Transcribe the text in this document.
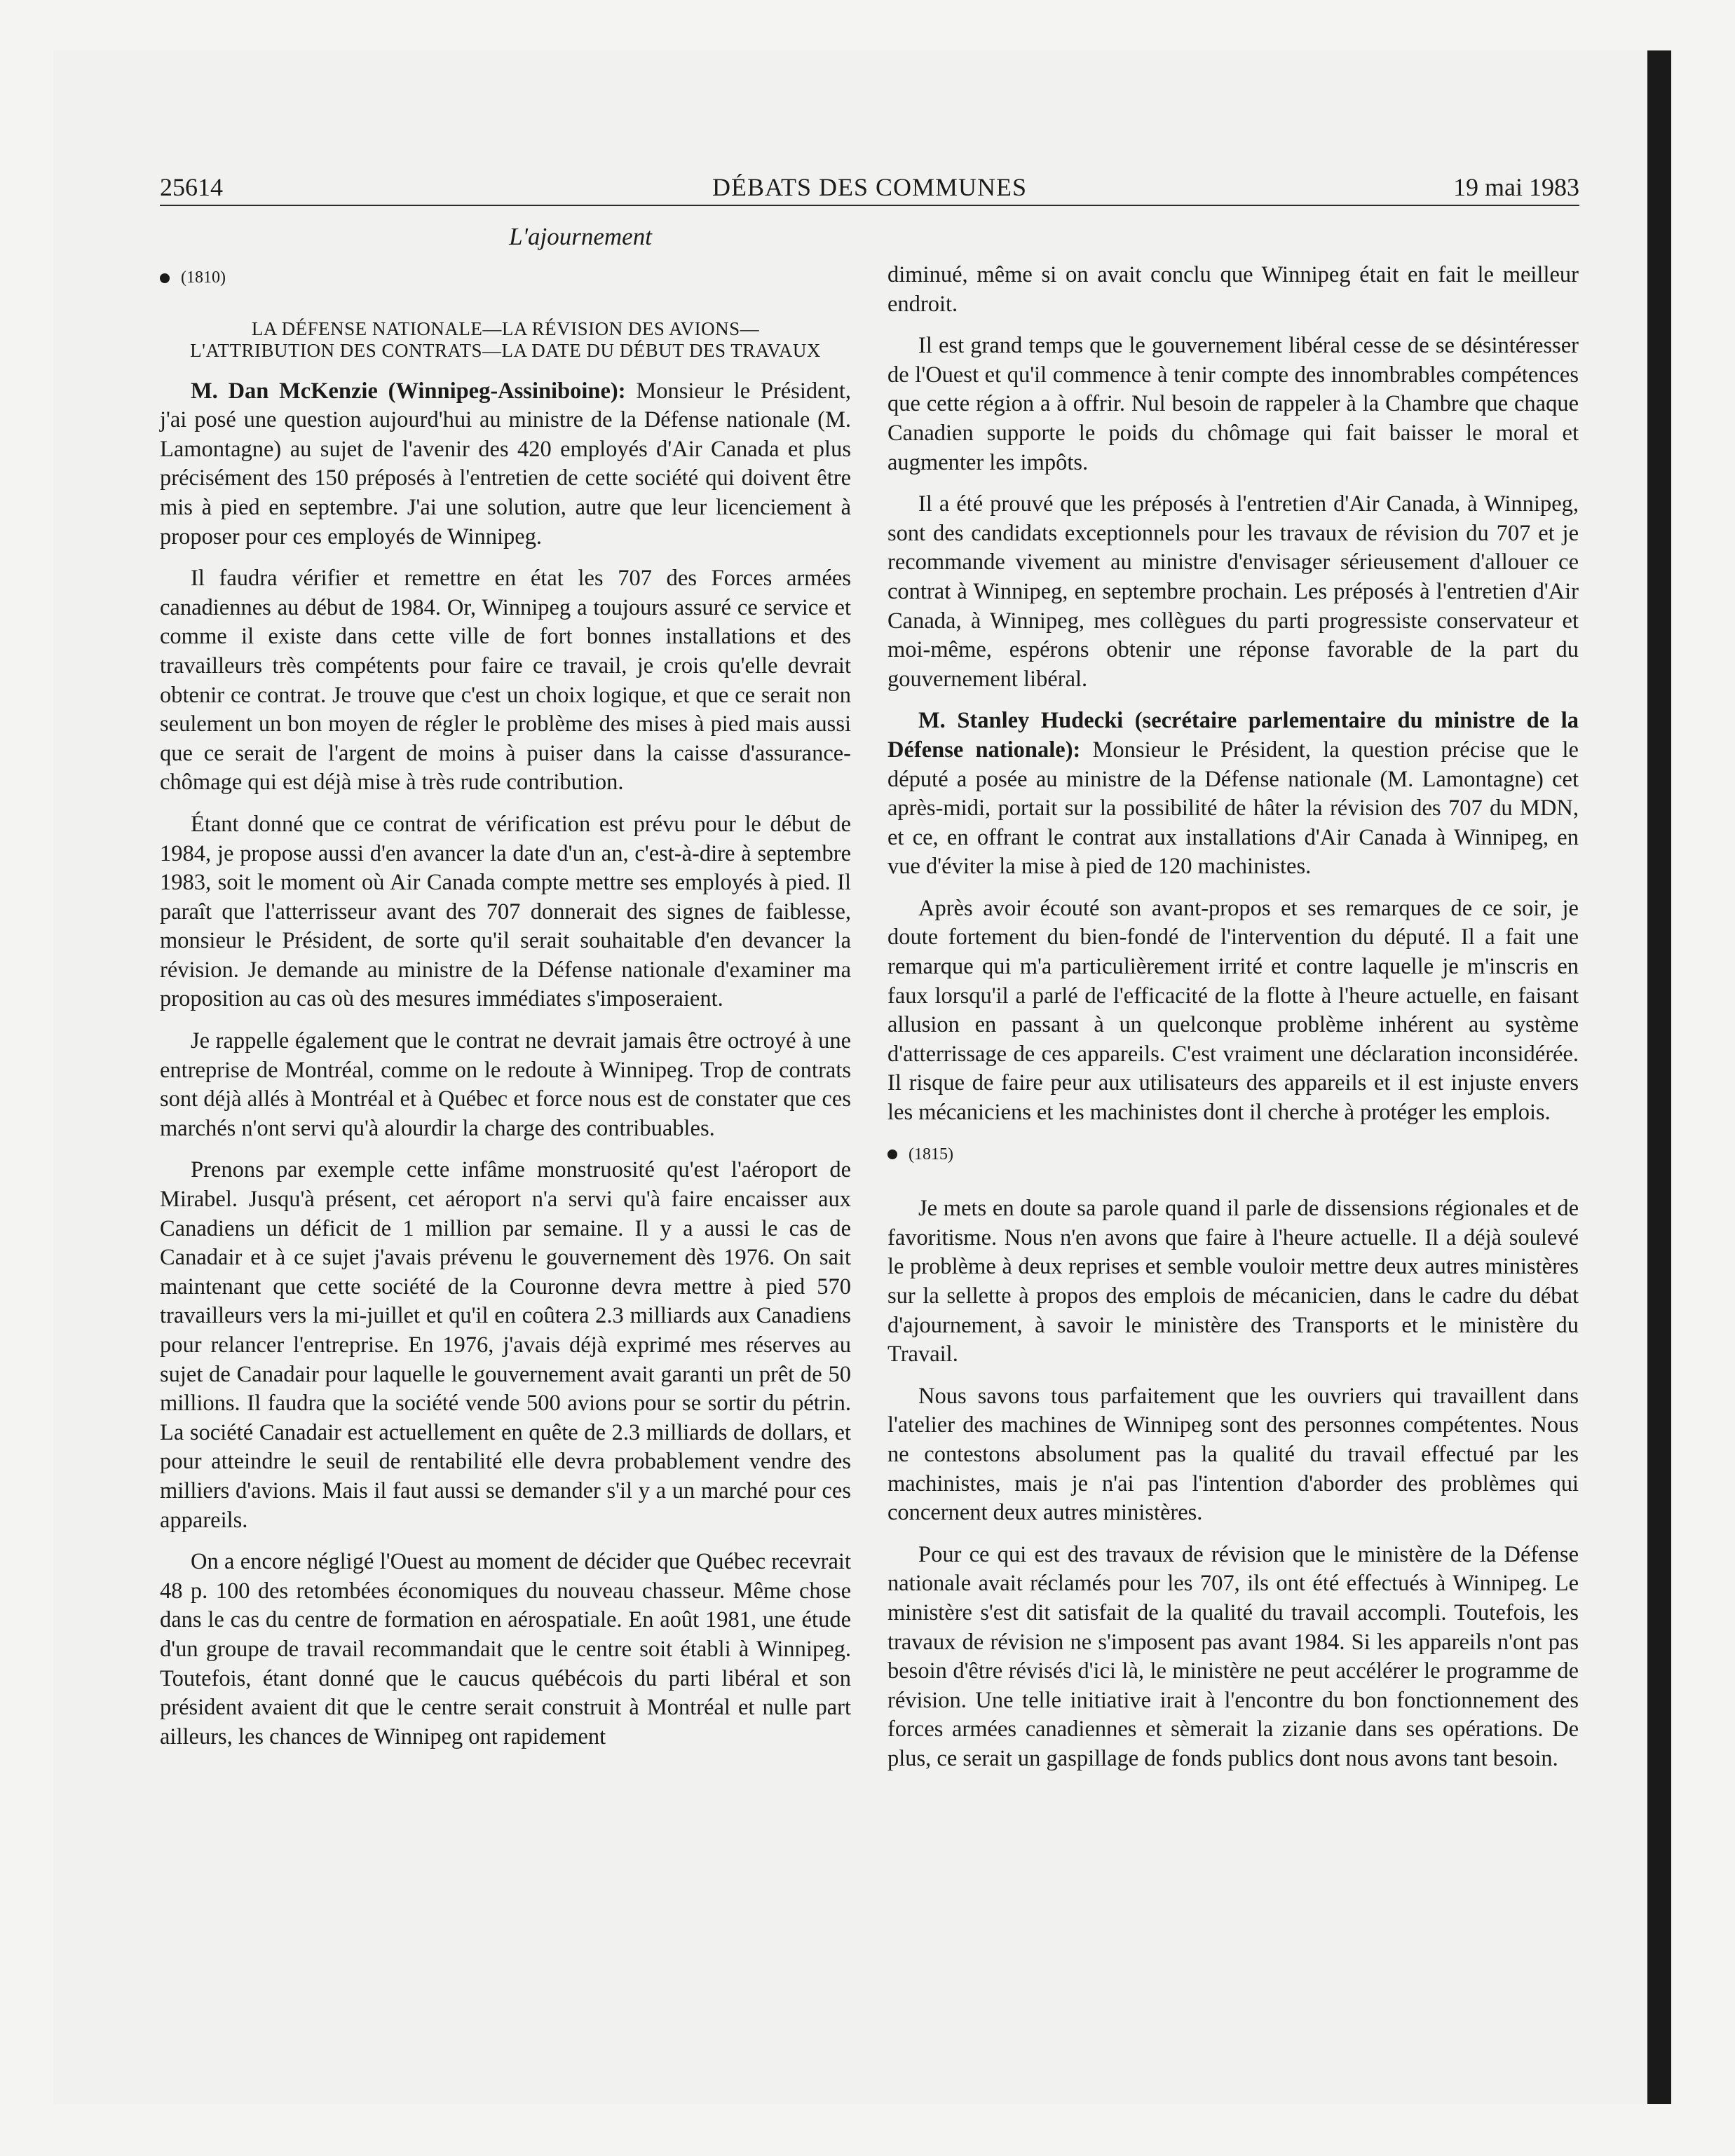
25614	DÉBATS DES COMMUNES	19 mai 1983
L'ajournement
(1810)
LA DÉFENSE NATIONALE—LA RÉVISION DES AVIONS—L'ATTRIBUTION DES CONTRATS—LA DATE DU DÉBUT DES TRAVAUX

M. Dan McKenzie (Winnipeg-Assiniboine): Monsieur le Président, j'ai posé une question aujourd'hui au ministre de la Défense nationale (M. Lamontagne) au sujet de l'avenir des 420 employés d'Air Canada et plus précisément des 150 préposés à l'entretien de cette société qui doivent être mis à pied en septembre. J'ai une solution, autre que leur licenciement à proposer pour ces employés de Winnipeg.

Il faudra vérifier et remettre en état les 707 des Forces armées canadiennes au début de 1984. Or, Winnipeg a toujours assuré ce service et comme il existe dans cette ville de fort bonnes installations et des travailleurs très compétents pour faire ce travail, je crois qu'elle devrait obtenir ce contrat. Je trouve que c'est un choix logique, et que ce serait non seulement un bon moyen de régler le problème des mises à pied mais aussi que ce serait de l'argent de moins à puiser dans la caisse d'assurance-chômage qui est déjà mise à très rude contribution.

Étant donné que ce contrat de vérification est prévu pour le début de 1984, je propose aussi d'en avancer la date d'un an, c'est-à-dire à septembre 1983, soit le moment où Air Canada compte mettre ses employés à pied. Il paraît que l'atterrisseur avant des 707 donnerait des signes de faiblesse, monsieur le Président, de sorte qu'il serait souhaitable d'en devancer la révision. Je demande au ministre de la Défense nationale d'examiner ma proposition au cas où des mesures immédiates s'imposeraient.

Je rappelle également que le contrat ne devrait jamais être octroyé à une entreprise de Montréal, comme on le redoute à Winnipeg. Trop de contrats sont déjà allés à Montréal et à Québec et force nous est de constater que ces marchés n'ont servi qu'à alourdir la charge des contribuables.

Prenons par exemple cette infâme monstruosité qu'est l'aéroport de Mirabel. Jusqu'à présent, cet aéroport n'a servi qu'à faire encaisser aux Canadiens un déficit de 1 million par semaine. Il y a aussi le cas de Canadair et à ce sujet j'avais prévenu le gouvernement dès 1976. On sait maintenant que cette société de la Couronne devra mettre à pied 570 travailleurs vers la mi-juillet et qu'il en coûtera 2.3 milliards aux Canadiens pour relancer l'entreprise. En 1976, j'avais déjà exprimé mes réserves au sujet de Canadair pour laquelle le gouvernement avait garanti un prêt de 50 millions. Il faudra que la société vende 500 avions pour se sortir du pétrin. La société Canadair est actuellement en quête de 2.3 milliards de dollars, et pour atteindre le seuil de rentabilité elle devra probablement vendre des milliers d'avions. Mais il faut aussi se demander s'il y a un marché pour ces appareils.

On a encore négligé l'Ouest au moment de décider que Québec recevrait 48 p. 100 des retombées économiques du nouveau chasseur. Même chose dans le cas du centre de formation en aérospatiale. En août 1981, une étude d'un groupe de travail recommandait que le centre soit établi à Winnipeg. Toutefois, étant donné que le caucus québécois du parti libéral et son président avaient dit que le centre serait construit à Montréal et nulle part ailleurs, les chances de Winnipeg ont rapidement

diminué, même si on avait conclu que Winnipeg était en fait le meilleur endroit.

Il est grand temps que le gouvernement libéral cesse de se désintéresser de l'Ouest et qu'il commence à tenir compte des innombrables compétences que cette région a à offrir. Nul besoin de rappeler à la Chambre que chaque Canadien supporte le poids du chômage qui fait baisser le moral et augmenter les impôts.

Il a été prouvé que les préposés à l'entretien d'Air Canada, à Winnipeg, sont des candidats exceptionnels pour les travaux de révision du 707 et je recommande vivement au ministre d'envisager sérieusement d'allouer ce contrat à Winnipeg, en septembre prochain. Les préposés à l'entretien d'Air Canada, à Winnipeg, mes collègues du parti progressiste conservateur et moi-même, espérons obtenir une réponse favorable de la part du gouvernement libéral.

M. Stanley Hudecki (secrétaire parlementaire du ministre de la Défense nationale): Monsieur le Président, la question précise que le député a posée au ministre de la Défense nationale (M. Lamontagne) cet après-midi, portait sur la possibilité de hâter la révision des 707 du MDN, et ce, en offrant le contrat aux installations d'Air Canada à Winnipeg, en vue d'éviter la mise à pied de 120 machinistes.

Après avoir écouté son avant-propos et ses remarques de ce soir, je doute fortement du bien-fondé de l'intervention du député. Il a fait une remarque qui m'a particulièrement irrité et contre laquelle je m'inscris en faux lorsqu'il a parlé de l'efficacité de la flotte à l'heure actuelle, en faisant allusion en passant à un quelconque problème inhérent au système d'atterrissage de ces appareils. C'est vraiment une déclaration inconsidérée. Il risque de faire peur aux utilisateurs des appareils et il est injuste envers les mécaniciens et les machinistes dont il cherche à protéger les emplois.

(1815)

Je mets en doute sa parole quand il parle de dissensions régionales et de favoritisme. Nous n'en avons que faire à l'heure actuelle. Il a déjà soulevé le problème à deux reprises et semble vouloir mettre deux autres ministères sur la sellette à propos des emplois de mécanicien, dans le cadre du débat d'ajournement, à savoir le ministère des Transports et le ministère du Travail.

Nous savons tous parfaitement que les ouvriers qui travaillent dans l'atelier des machines de Winnipeg sont des personnes compétentes. Nous ne contestons absolument pas la qualité du travail effectué par les machinistes, mais je n'ai pas l'intention d'aborder des problèmes qui concernent deux autres ministères.

Pour ce qui est des travaux de révision que le ministère de la Défense nationale avait réclamés pour les 707, ils ont été effectués à Winnipeg. Le ministère s'est dit satisfait de la qualité du travail accompli. Toutefois, les travaux de révision ne s'imposent pas avant 1984. Si les appareils n'ont pas besoin d'être révisés d'ici là, le ministère ne peut accélérer le programme de révision. Une telle initiative irait à l'encontre du bon fonctionnement des forces armées canadiennes et sèmerait la zizanie dans ses opérations. De plus, ce serait un gaspillage de fonds publics dont nous avons tant besoin.
